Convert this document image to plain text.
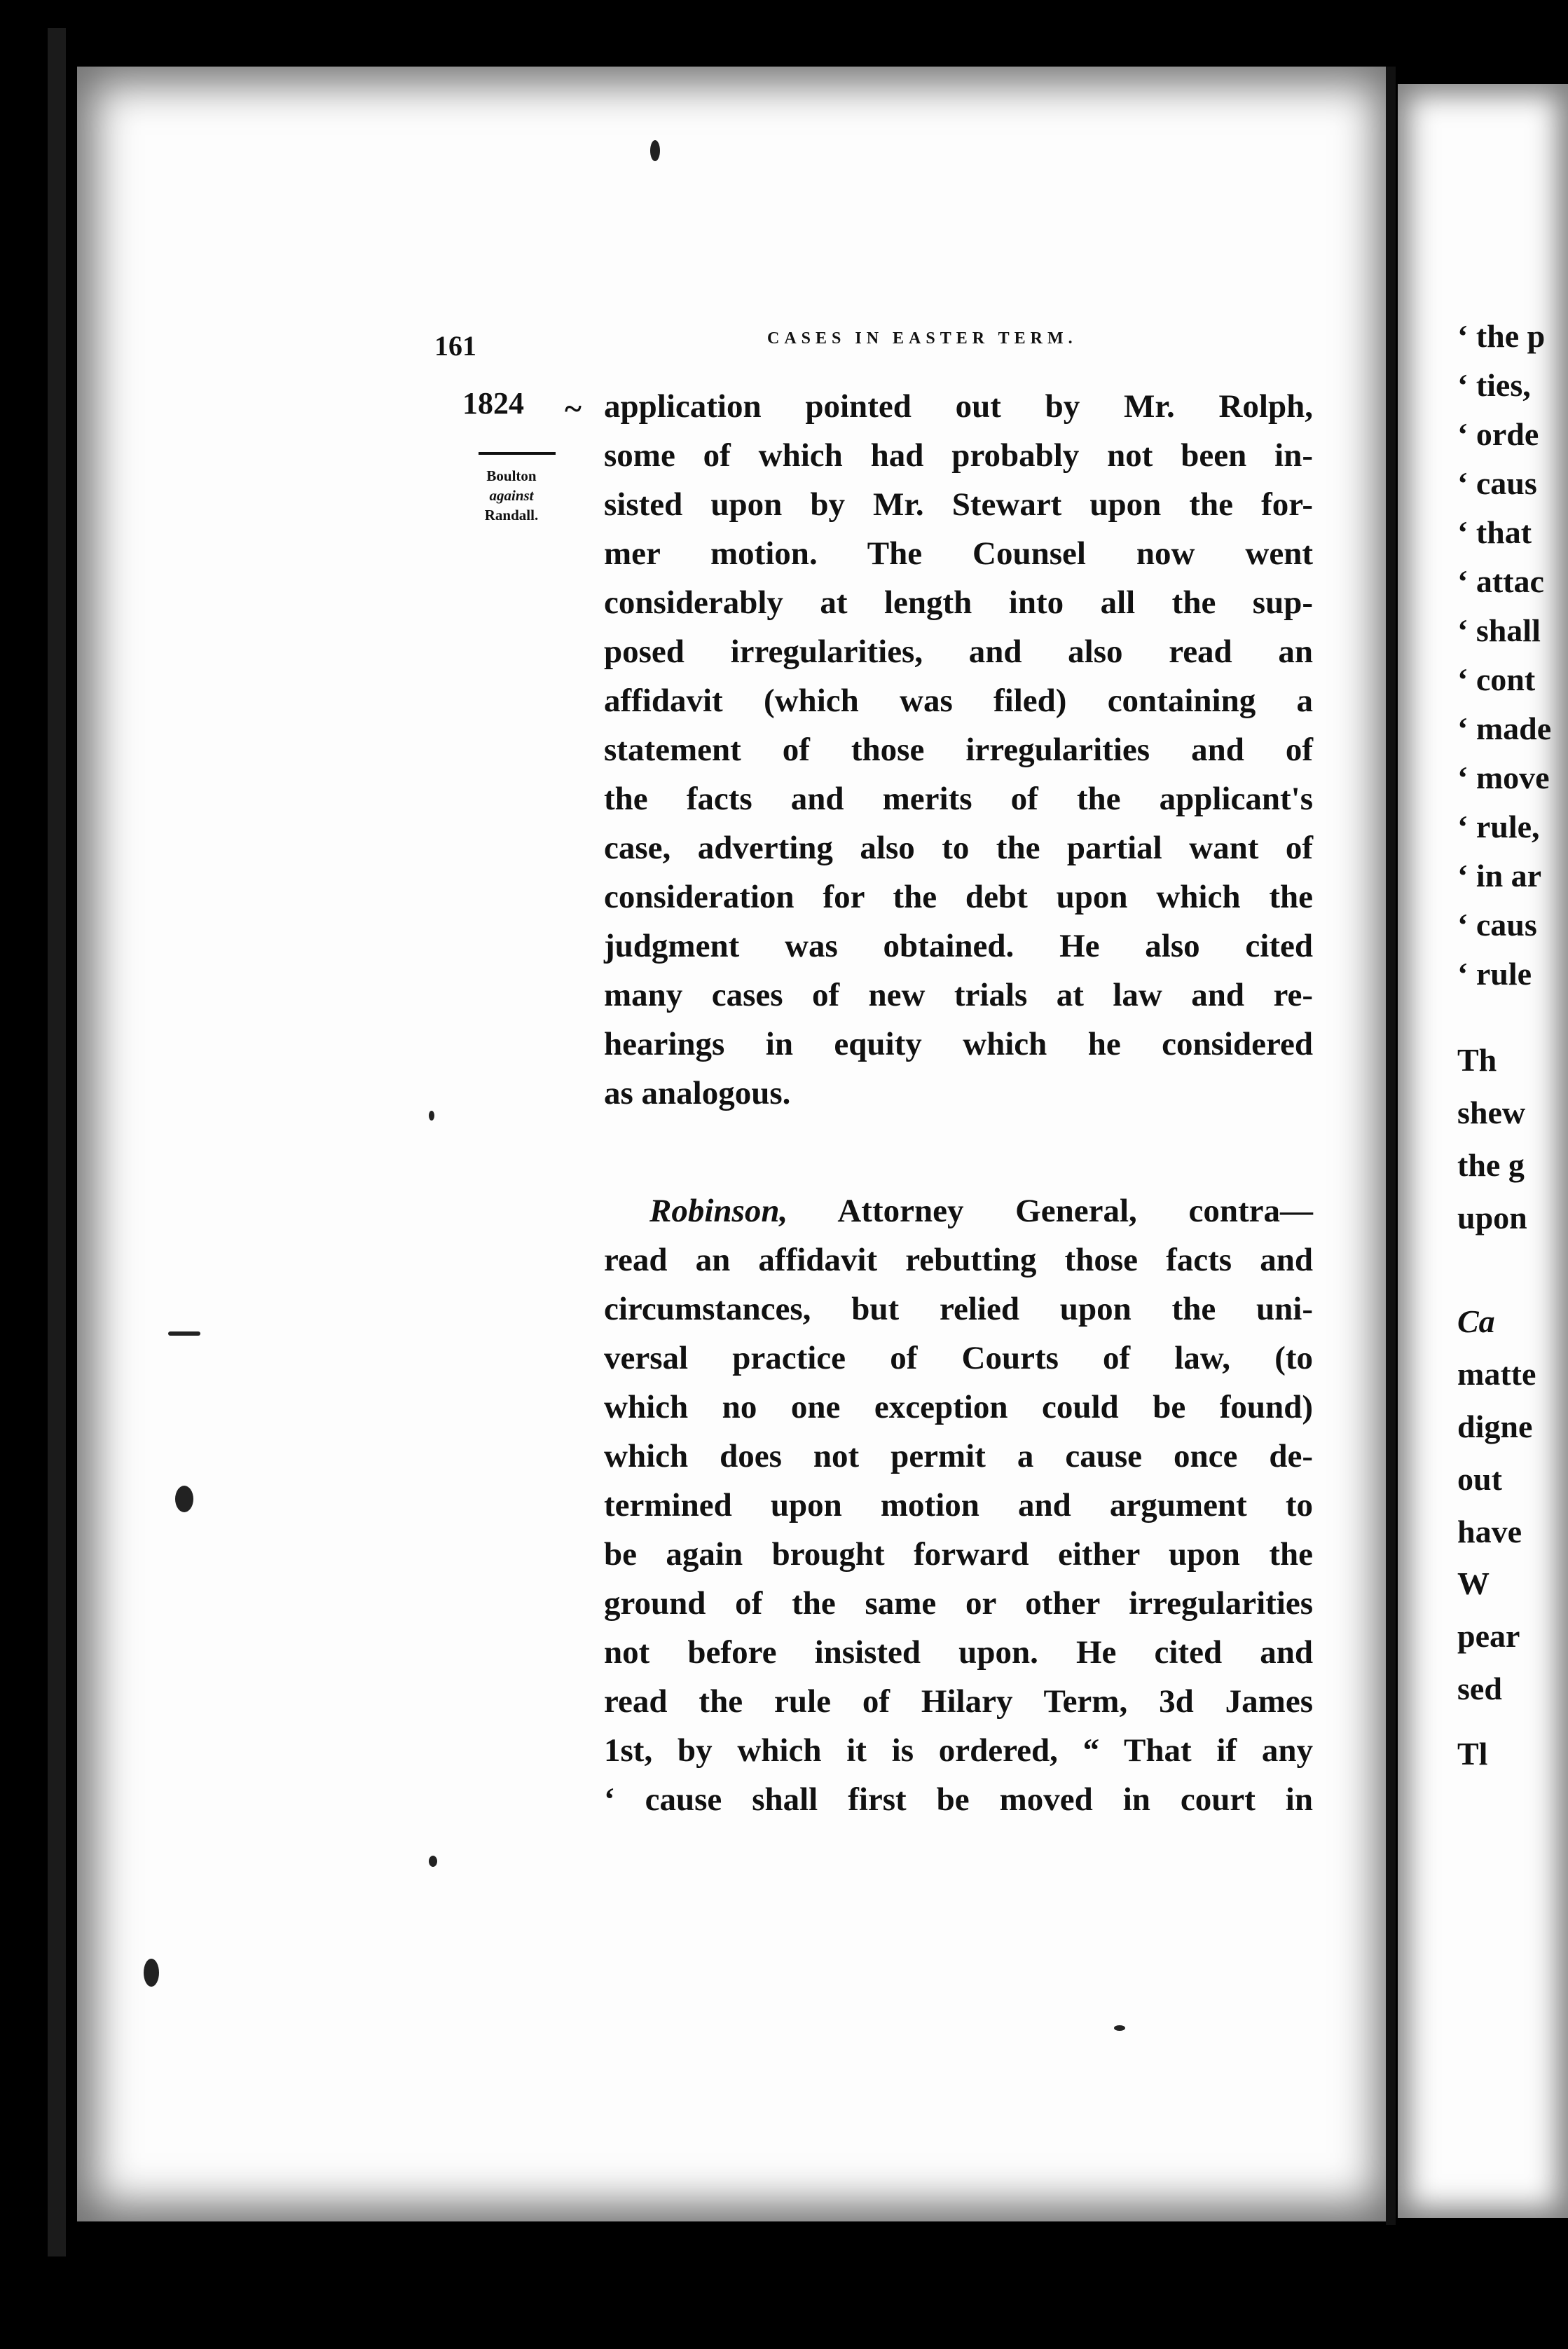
161	CASES IN EASTER TERM.
1824 ~
Boulton
against
Randall.
application pointed out by Mr. Rolph,
some of which had probably not been in-
sisted upon by Mr. Stewart upon the for-
mer motion. The Counsel now went
considerably at length into all the sup-
posed irregularities, and also read an
affidavit (which was filed) containing a
statement of those irregularities and of
the facts and merits of the applicant's
case, adverting also to the partial want of
consideration for the debt upon which the
judgment was obtained. He also cited
many cases of new trials at law and re-
hearings in equity which he considered
as analogous.
Robinson, Attorney General, contra—
read an affidavit rebutting those facts and
circumstances, but relied upon the uni-
versal practice of Courts of law, (to
which no one exception could be found)
which does not permit a cause once de-
termined upon motion and argument to
be again brought forward either upon the
ground of the same or other irregularities
not before insisted upon. He cited and
read the rule of Hilary Term, 3d James
1st, by which it is ordered, “ That if any
‘ cause shall first be moved in court in
‘ the p
‘ ties,
‘ orde
‘ caus
‘ that
‘ attac
‘ shall
‘ cont
‘ made
‘ move
‘ rule,
‘ in ar
‘ caus
‘ rule
Th
shew
the g
upon
Ca
matte
digne
out
have
W
pear
sed
Tl
